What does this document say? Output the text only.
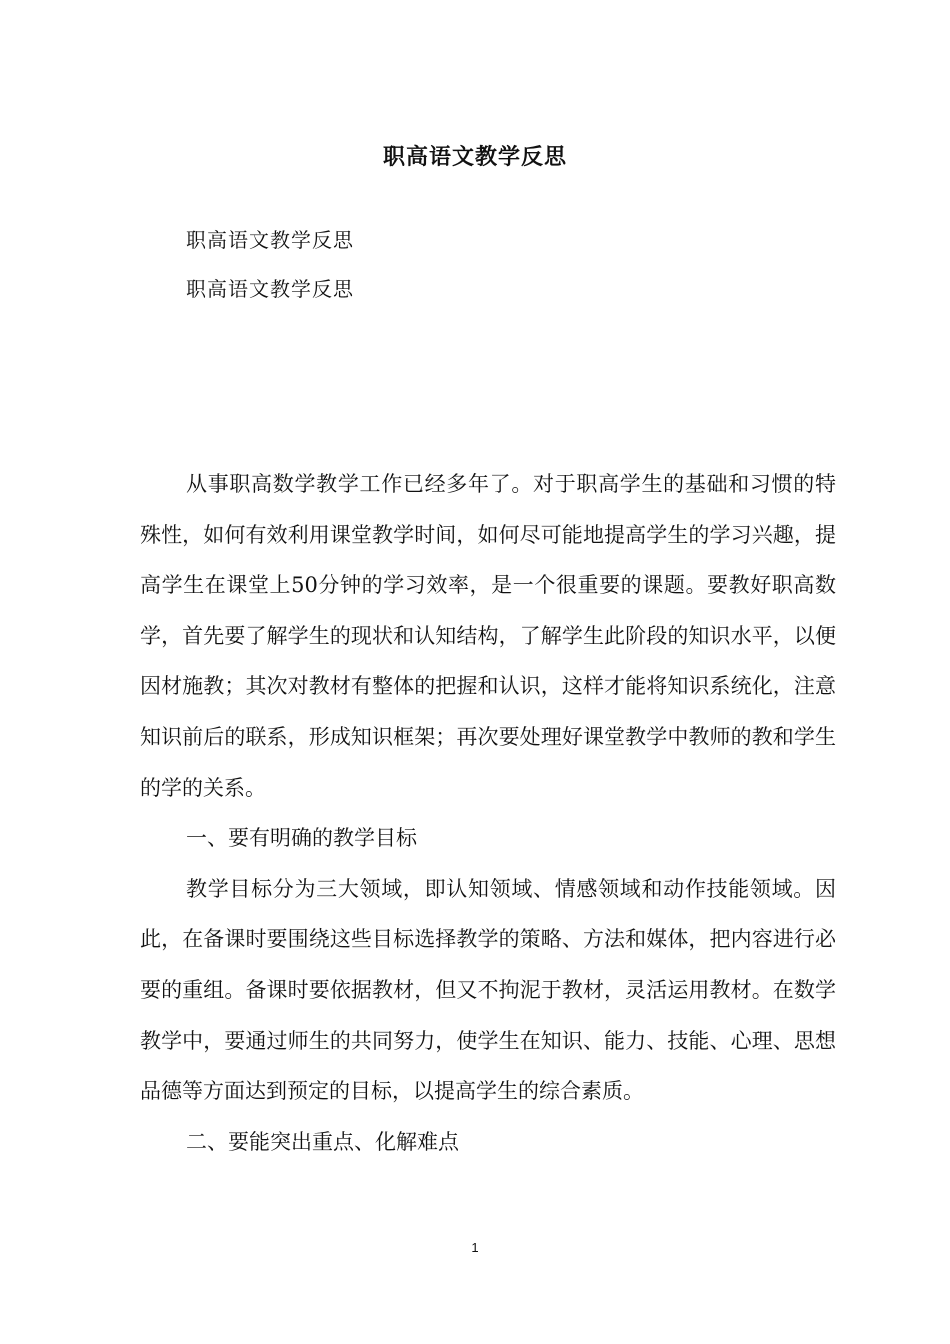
职高语文教学反思
职高语文教学反思
职高语文教学反思

从事职高数学教学工作已经多年了。对于职高学生的基础和习惯的特殊性，如何有效利用课堂教学时间，如何尽可能地提高学生的学习兴趣，提高学生在课堂上50分钟的学习效率，是一个很重要的课题。要教好职高数学，首先要了解学生的现状和认知结构，了解学生此阶段的知识水平，以便因材施教；其次对教材有整体的把握和认识，这样才能将知识系统化，注意知识前后的联系，形成知识框架；再次要处理好课堂教学中教师的教和学生的学的关系。

一、要有明确的教学目标

教学目标分为三大领域，即认知领域、情感领域和动作技能领域。因此，在备课时要围绕这些目标选择教学的策略、方法和媒体，把内容进行必要的重组。备课时要依据教材，但又不拘泥于教材，灵活运用教材。在数学教学中，要通过师生的共同努力，使学生在知识、能力、技能、心理、思想品德等方面达到预定的目标，以提高学生的综合素质。

二、要能突出重点、化解难点

1
